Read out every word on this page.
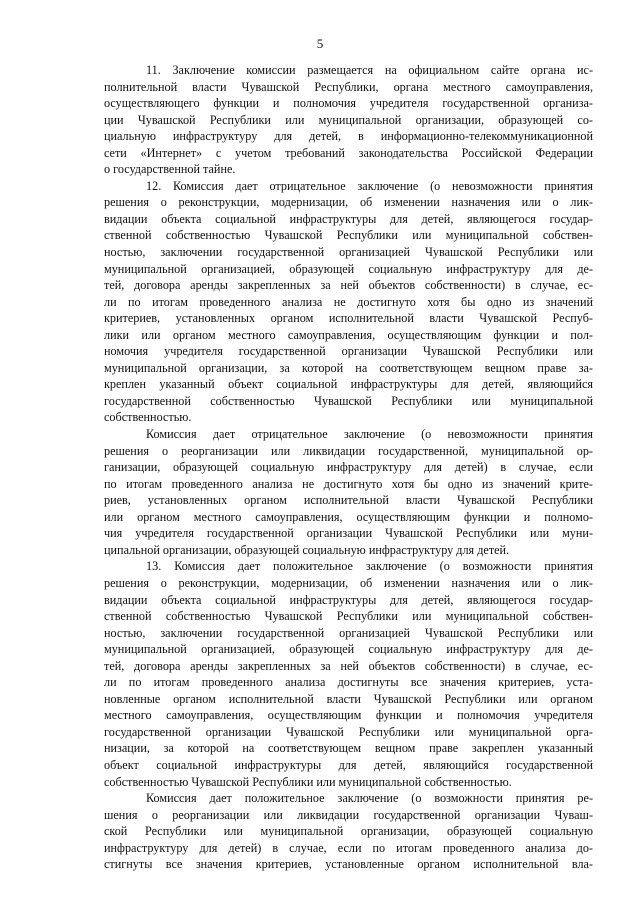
5

11. Заключение комиссии размещается на официальном сайте органа ис-
полнительной власти Чувашской Республики, органа местного самоуправления,
осуществляющего функции и полномочия учредителя государственной организа-
ции Чувашской Республики или муниципальной организации, образующей со-
циальную инфраструктуру для детей, в информационно-телекоммуникационной
сети «Интернет» с учетом требований законодательства Российской Федерации
о государственной тайне.

12. Комиссия дает отрицательное заключение (о невозможности принятия
решения о реконструкции, модернизации, об изменении назначения или о лик-
видации объекта социальной инфраструктуры для детей, являющегося государ-
ственной собственностью Чувашской Республики или муниципальной собствен-
ностью, заключении государственной организацией Чувашской Республики или
муниципальной организацией, образующей социальную инфраструктуру для де-
тей, договора аренды закрепленных за ней объектов собственности) в случае, ес-
ли по итогам проведенного анализа не достигнуто хотя бы одно из значений
критериев, установленных органом исполнительной власти Чувашской Респуб-
лики или органом местного самоуправления, осуществляющим функции и пол-
номочия учредителя государственной организации Чувашской Республики или
муниципальной организации, за которой на соответствующем вещном праве за-
креплен указанный объект социальной инфраструктуры для детей, являющийся
государственной собственностью Чувашской Республики или муниципальной
собственностью.

Комиссия дает отрицательное заключение (о невозможности принятия
решения о реорганизации или ликвидации государственной, муниципальной ор-
ганизации, образующей социальную инфраструктуру для детей) в случае, если
по итогам проведенного анализа не достигнуто хотя бы одно из значений крите-
риев, установленных органом исполнительной власти Чувашской Республики
или органом местного самоуправления, осуществляющим функции и полномо-
чия учредителя государственной организации Чувашской Республики или муни-
ципальной организации, образующей социальную инфраструктуру для детей.

13. Комиссия дает положительное заключение (о возможности принятия
решения о реконструкции, модернизации, об изменении назначения или о лик-
видации объекта социальной инфраструктуры для детей, являющегося государ-
ственной собственностью Чувашской Республики или муниципальной собствен-
ностью, заключении государственной организацией Чувашской Республики или
муниципальной организацией, образующей социальную инфраструктуру для де-
тей, договора аренды закрепленных за ней объектов собственности) в случае, ес-
ли по итогам проведенного анализа достигнуты все значения критериев, уста-
новленные органом исполнительной власти Чувашской Республики или органом
местного самоуправления, осуществляющим функции и полномочия учредителя
государственной организации Чувашской Республики или муниципальной орга-
низации, за которой на соответствующем вещном праве закреплен указанный
объект социальной инфраструктуры для детей, являющийся государственной
собственностью Чувашской Республики или муниципальной собственностью.

Комиссия дает положительное заключение (о возможности принятия ре-
шения о реорганизации или ликвидации государственной организации Чуваш-
ской Республики или муниципальной организации, образующей социальную
инфраструктуру для детей) в случае, если по итогам проведенного анализа до-
стигнуты все значения критериев, установленные органом исполнительной вла-
